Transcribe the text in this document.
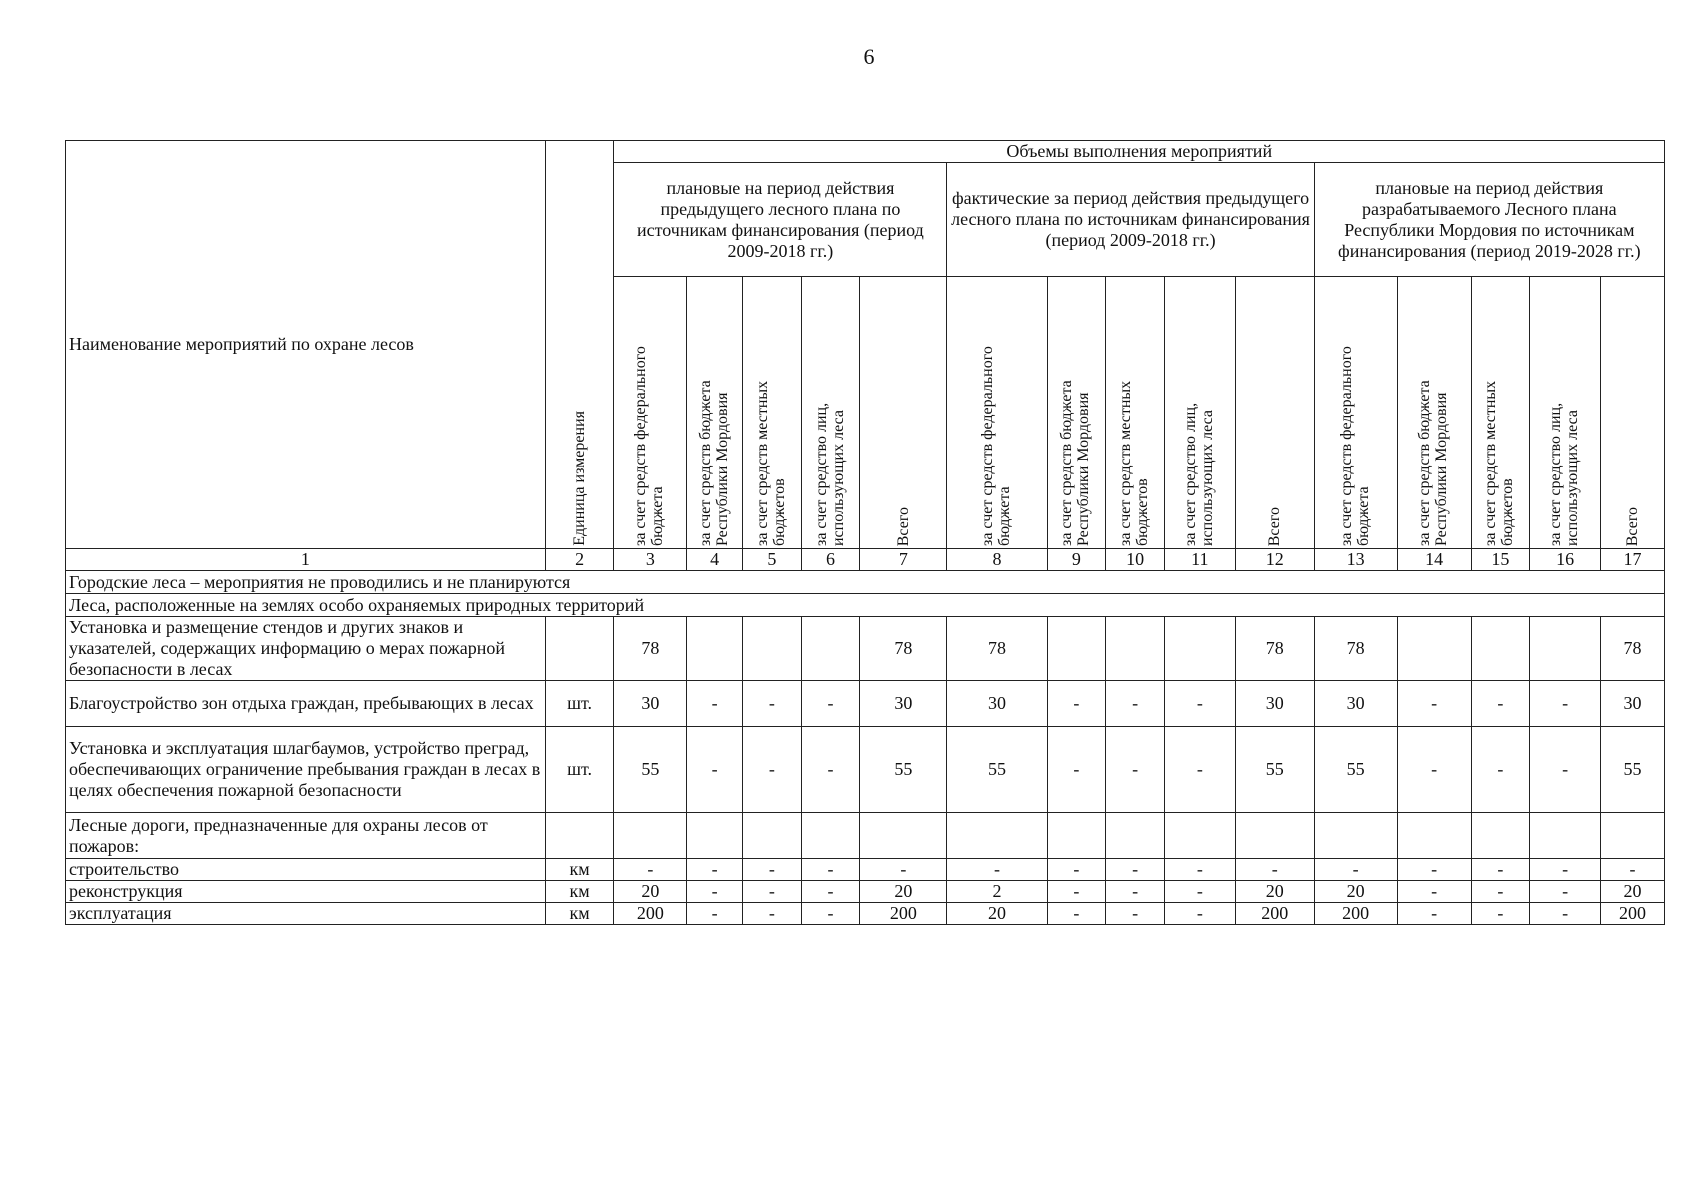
6
Наименование мероприятий по охране лесов	Единица измерения	Объемы выполнения мероприятий														
		плановые на период действия предыдущего лесного плана по источникам финансирования (период 2009-2018 гг.)					фактические за период действия предыдущего лесного плана по источникам финансирования (период 2009-2018 гг.)					плановые на период действия разрабатываемого Лесного плана Республики Мордовия по источникам финансирования (период 2019-2028 гг.)				

		за счет средств федерального бюджета	за счет средств бюджета Республики Мордовия	за счет средств местных бюджетов	за счет средство лиц, использующих леса	Всего	за счет средств федерального бюджета	за счет средств бюджета Республики Мордовия	за счет средств местных бюджетов	за счет средство лиц, использующих леса	Всего	за счет средств федерального бюджета	за счет средств бюджета Республики Мордовия	за счет средств местных бюджетов	за счет средство лиц, использующих леса	Всего

1	2	3	4	5	6	7	8	9	10	11	12	13	14	15	16	17
Городские леса – мероприятия не проводились и не планируются																
Леса, расположенные на землях особо охраняемых природных территорий																
Установка и размещение стендов и других знаков и указателей, содержащих информацию о мерах пожарной безопасности в лесах		78				78	78				78	78				78
Благоустройство зон отдыха граждан, пребывающих в лесах	шт.	30	-	-	-	30	30	-	-	-	30	30	-	-	-	30
Установка и эксплуатация шлагбаумов, устройство преград, обеспечивающих ограничение пребывания граждан в лесах в целях обеспечения пожарной безопасности	шт.	55	-	-	-	55	55	-	-	-	55	55	-	-	-	55
Лесные дороги, предназначенные для охраны лесов от пожаров:																
строительство	км	-	-	-	-	-	-	-	-	-	-	-	-	-	-	-
реконструкция	км	20	-	-	-	20	2	-	-	-	20	20	-	-	-	20
эксплуатация	км	200	-	-	-	200	20	-	-	-	200	200	-	-	-	200
